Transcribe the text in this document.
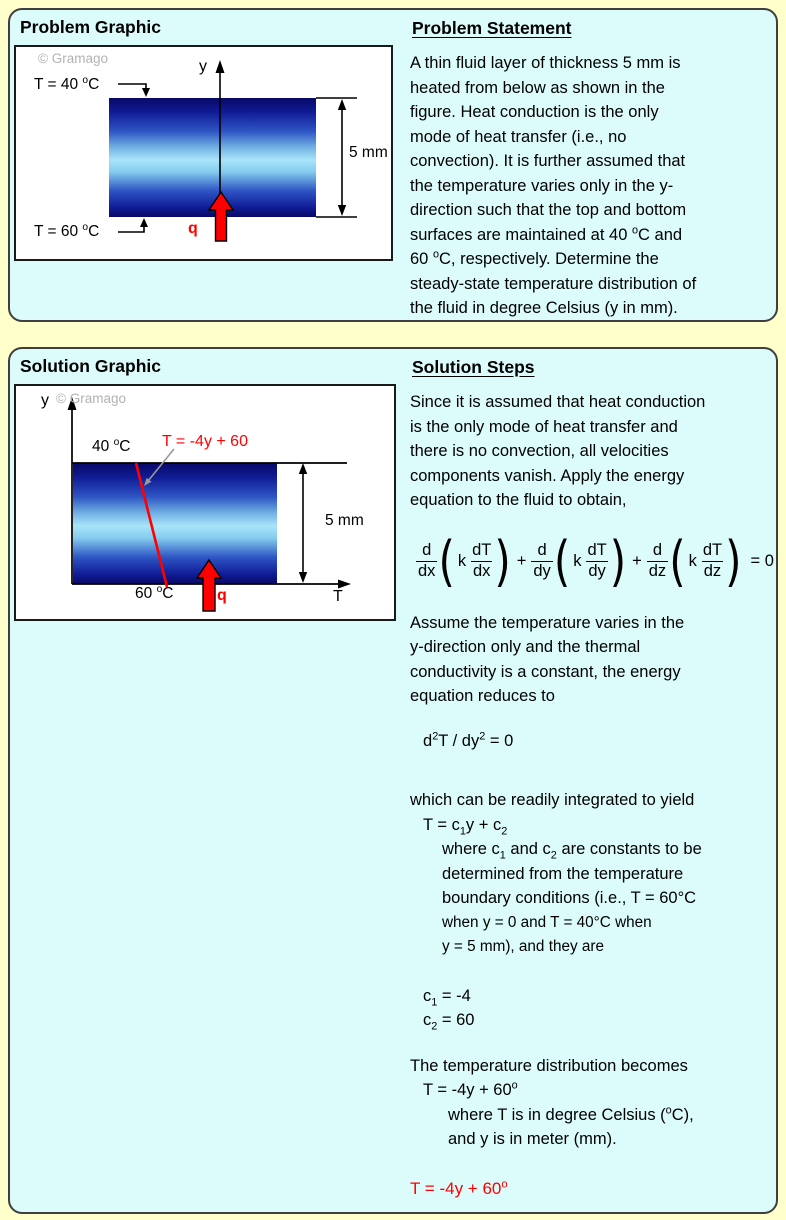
Problem Graphic
© Gramago
T = 40 $^o$C
y
5 mm
T = 60 $^o$C	q
Problem Statement
A thin fluid layer of thickness 5 mm is
heated from below as shown in the
figure. Heat conduction is the only
mode of heat transfer (i.e., no
convection). It is further assumed that
the temperature varies only in the y-
direction such that the top and bottom
surfaces are maintained at 40 $^o$C and
60 $^o$C, respectively. Determine the
steady-state temperature distribution of
the fluid in degree Celsius (y in mm).
Solution Graphic
© Gramago
y
40 $^o$C T = -4y + 60
5 mm
60 $^o$C	q	T
Solution Steps
Since it is assumed that heat conduction
is the only mode of heat transfer and
there is no convection, all velocities
components vanish. Apply the energy
equation to the fluid to obtain,
$\frac{d}{dx}$ ( k $\frac{dT}{dx}$ ) + $\frac{d}{dy}$ ( k $\frac{dT}{dy}$ ) + $\frac{d}{dz}$ ( k $\frac{dT}{dz}$ ) = 0
Assume the temperature varies in the
y-direction only and the thermal
conductivity is a constant, the energy
equation reduces to
$d^2T / dy^2 = 0$
which can be readily integrated to yield
$T = c_1y + c_2$
where $c_1$ and $c_2$ are constants to be
determined from the temperature
boundary conditions (i.e., T = 60°C
when y = 0 and T = 40°C when
y = 5 mm), and they are
$c_1 = -4$
$c_2 = 60$
The temperature distribution becomes
$T = -4y + 60^o$
where T is in degree Celsius ($^o$C),
and y is in meter (mm).
$T = -4y + 60^o$
